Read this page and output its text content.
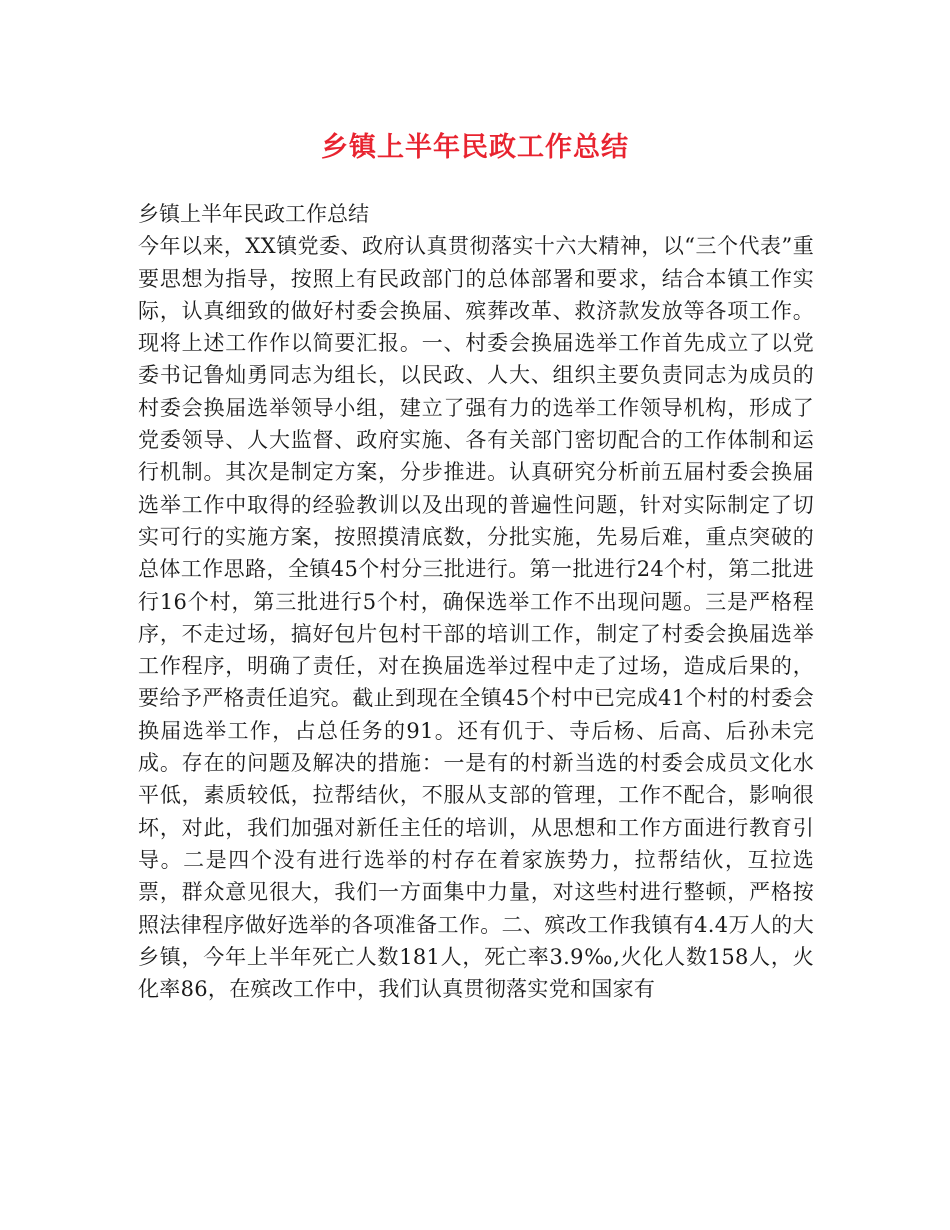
乡镇上半年民政工作总结

乡镇上半年民政工作总结

今年以来，XX镇党委、政府认真贯彻落实十六大精神，以“三个代表”重要思想为指导，按照上有民政部门的总体部署和要求，结合本镇工作实际，认真细致的做好村委会换届、殡葬改革、救济款发放等各项工作。现将上述工作作以简要汇报。一、村委会换届选举工作首先成立了以党委书记鲁灿勇同志为组长，以民政、人大、组织主要负责同志为成员的村委会换届选举领导小组，建立了强有力的选举工作领导机构，形成了党委领导、人大监督、政府实施、各有关部门密切配合的工作体制和运行机制。其次是制定方案，分步推进。认真研究分析前五届村委会换届选举工作中取得的经验教训以及出现的普遍性问题，针对实际制定了切实可行的实施方案，按照摸清底数，分批实施，先易后难，重点突破的总体工作思路，全镇45个村分三批进行。第一批进行24个村，第二批进行16个村，第三批进行5个村，确保选举工作不出现问题。三是严格程序，不走过场，搞好包片包村干部的培训工作，制定了村委会换届选举工作程序，明确了责任，对在换届选举过程中走了过场，造成后果的，要给予严格责任追究。截止到现在全镇45个村中已完成41个村的村委会换届选举工作，占总任务的91。还有仉于、寺后杨、后高、后孙未完成。存在的问题及解决的措施：一是有的村新当选的村委会成员文化水平低，素质较低，拉帮结伙，不服从支部的管理，工作不配合，影响很坏，对此，我们加强对新任主任的培训，从思想和工作方面进行教育引导。二是四个没有进行选举的村存在着家族势力，拉帮结伙，互拉选票，群众意见很大，我们一方面集中力量，对这些村进行整顿，严格按照法律程序做好选举的各项准备工作。二、殡改工作我镇有4.4万人的大乡镇，今年上半年死亡人数181人，死亡率3.9‰,火化人数158人，火化率86，在殡改工作中，我们认真贯彻落实党和国家有
